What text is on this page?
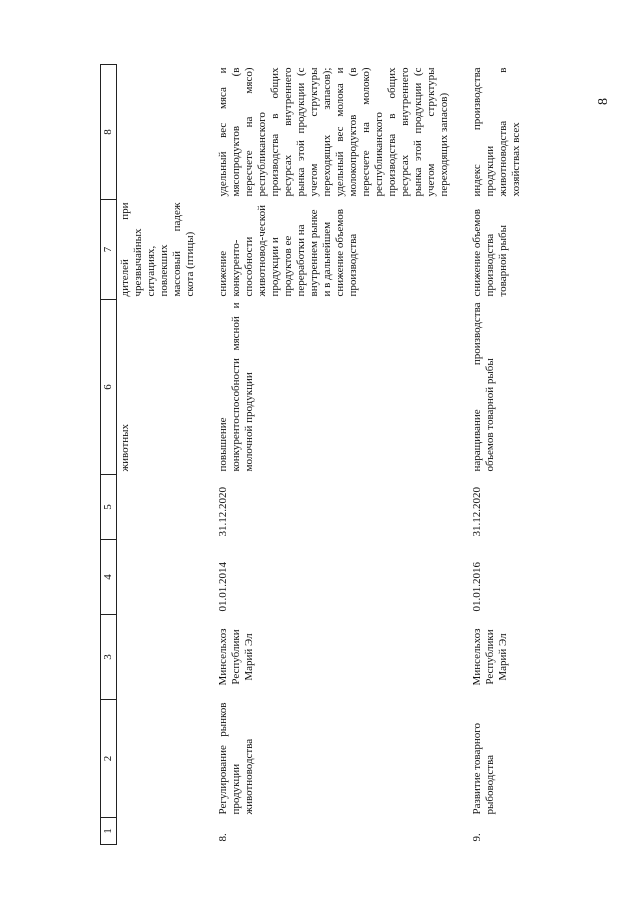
1	2	3	4	5	6	7	8
					животных	дителей при чрезвычайных ситуациях, повлекших массовый падеж скота (птицы)	

8.	Регулирование рынков продукции животноводства	Минсельхоз Республики Марий Эл	01.01.2014	31.12.2020	повышение конкурентоспособности мясной и молочной продукции	снижение конкуренто-способности животновод-ческой продукции и продуктов ее переработки на внутреннем рынке и в дальнейшем снижение объемов производства	удельный вес мяса и мясопродуктов (в пересчете на мясо) республиканского производства в общих ресурсах внутреннего рынка этой продукции (с учетом структуры переходящих запасов); удельный вес молока и молокопродуктов (в пересчете на молоко) республиканского производства в общих ресурсах внутреннего рынка этой продукции (с учетом структуры переходящих запасов)

9.	Развитие товарного рыбоводства	Минсельхоз Республики Марий Эл	01.01.2016	31.12.2020	наращивание производства объемов товарной рыбы	снижение объемов производства товарной рыбы	индекс производства продукции животноводства в хозяйствах всех
8
